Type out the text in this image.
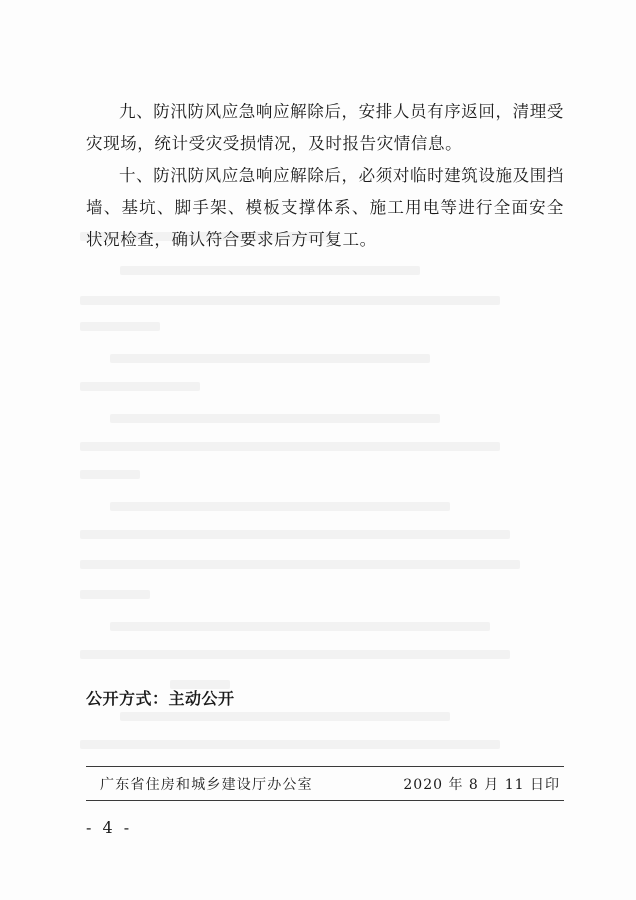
九、防汛防风应急响应解除后，安排人员有序返回，清理受灾现场，统计受灾受损情况，及时报告灾情信息。

十、防汛防风应急响应解除后，必须对临时建筑设施及围挡墙、基坑、脚手架、模板支撑体系、施工用电等进行全面安全状况检查，确认符合要求后方可复工。

公开方式：主动公开

广东省住房和城乡建设厅办公室	2020 年 8 月 11 日印
- 4 -
